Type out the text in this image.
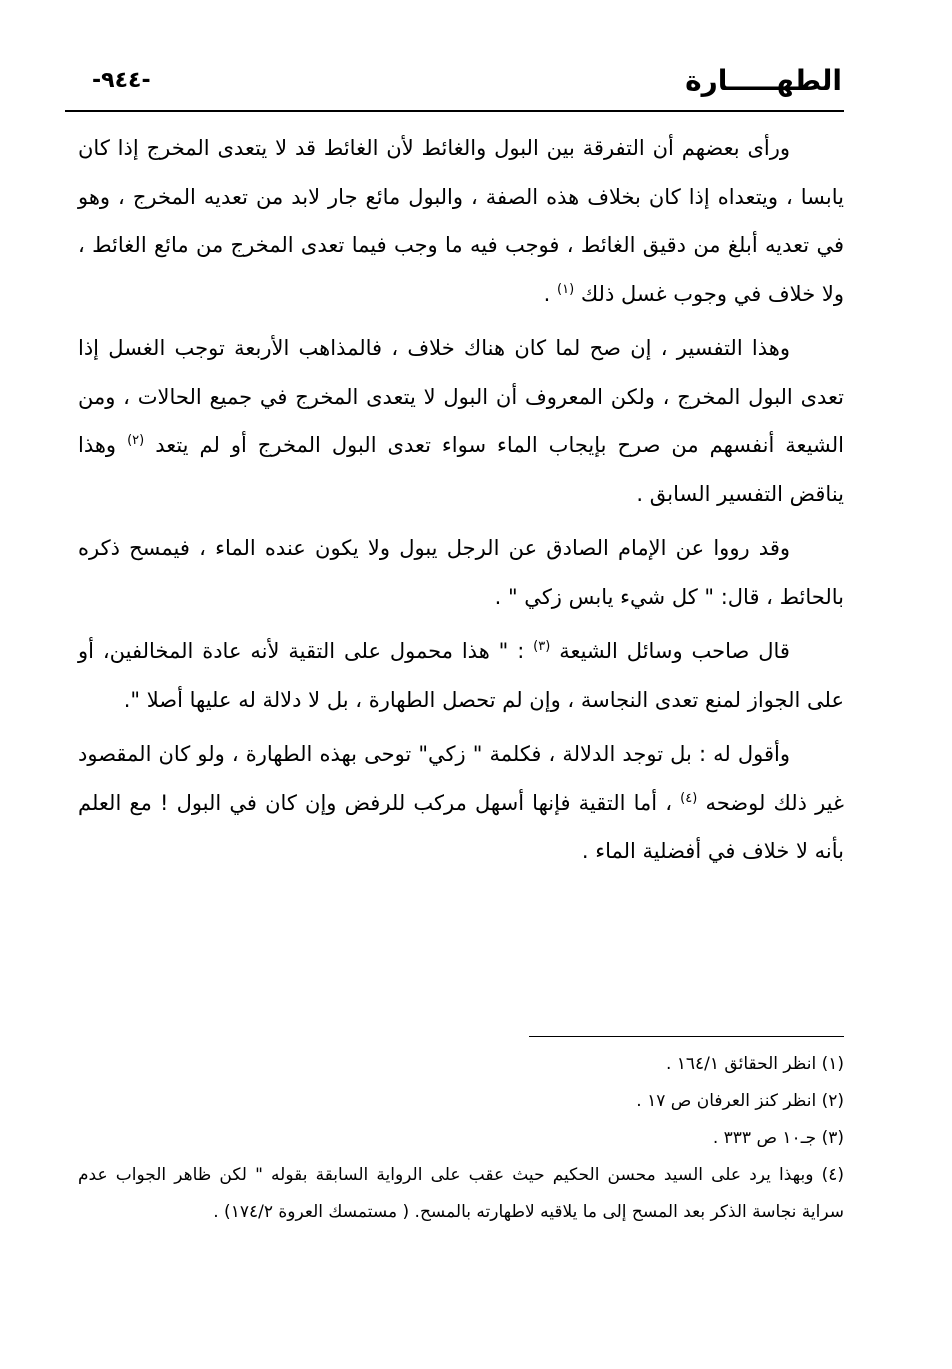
-٩٤٤-	الطهـــــارة

ورأى بعضهم أن التفرقة بين البول والغائط لأن الغائط قد لا يتعدى المخرج إذا كان يابسا ، ويتعداه إذا كان بخلاف هذه الصفة ، والبول مائع جار لابد من تعديه المخرج ، وهو في تعديه أبلغ من دقيق الغائط ، فوجب فيه ما وجب فيما تعدى المخرج من مائع الغائط ، ولا خلاف في وجوب غسل ذلك $^{(١)}$ .

وهذا التفسير ، إن صح لما كان هناك خلاف ، فالمذاهب الأربعة توجب الغسل إذا تعدى البول المخرج ، ولكن المعروف أن البول لا يتعدى المخرج في جميع الحالات ، ومن الشيعة أنفسهم من صرح بإيجاب الماء سواء تعدى البول المخرج أو لم يتعد $^{(٢)}$ وهذا يناقض التفسير السابق .

وقد رووا عن الإمام الصادق عن الرجل يبول ولا يكون عنده الماء ، فيمسح ذكره بالحائط ، قال: " كل شيء يابس زكي " .

قال صاحب وسائل الشيعة $^{(٣)}$ : " هذا محمول على التقية لأنه عادة المخالفين، أو على الجواز لمنع تعدى النجاسة ، وإن لم تحصل الطهارة ، بل لا دلالة له عليها أصلا ".

وأقول له : بل توجد الدلالة ، فكلمة " زكي" توحى بهذه الطهارة ، ولو كان المقصود غير ذلك لوضحه $^{(٤)}$ ، أما التقية فإنها أسهل مركب للرفض وإن كان في البول ! مع العلم بأنه لا خلاف في أفضلية الماء .

(١) انظر الحقائق ١٦٤/١ .

(٢) انظر كنز العرفان ص ١٧ .

(٣) جـ١٠ ص ٣٣٣ .

(٤) وبهذا يرد على السيد محسن الحكيم حيث عقب على الرواية السابقة بقوله " لكن ظاهر الجواب عدم سراية نجاسة الذكر بعد المسح إلى ما يلاقيه لاطهارته بالمسح. ( مستمسك العروة ١٧٤/٢) .
